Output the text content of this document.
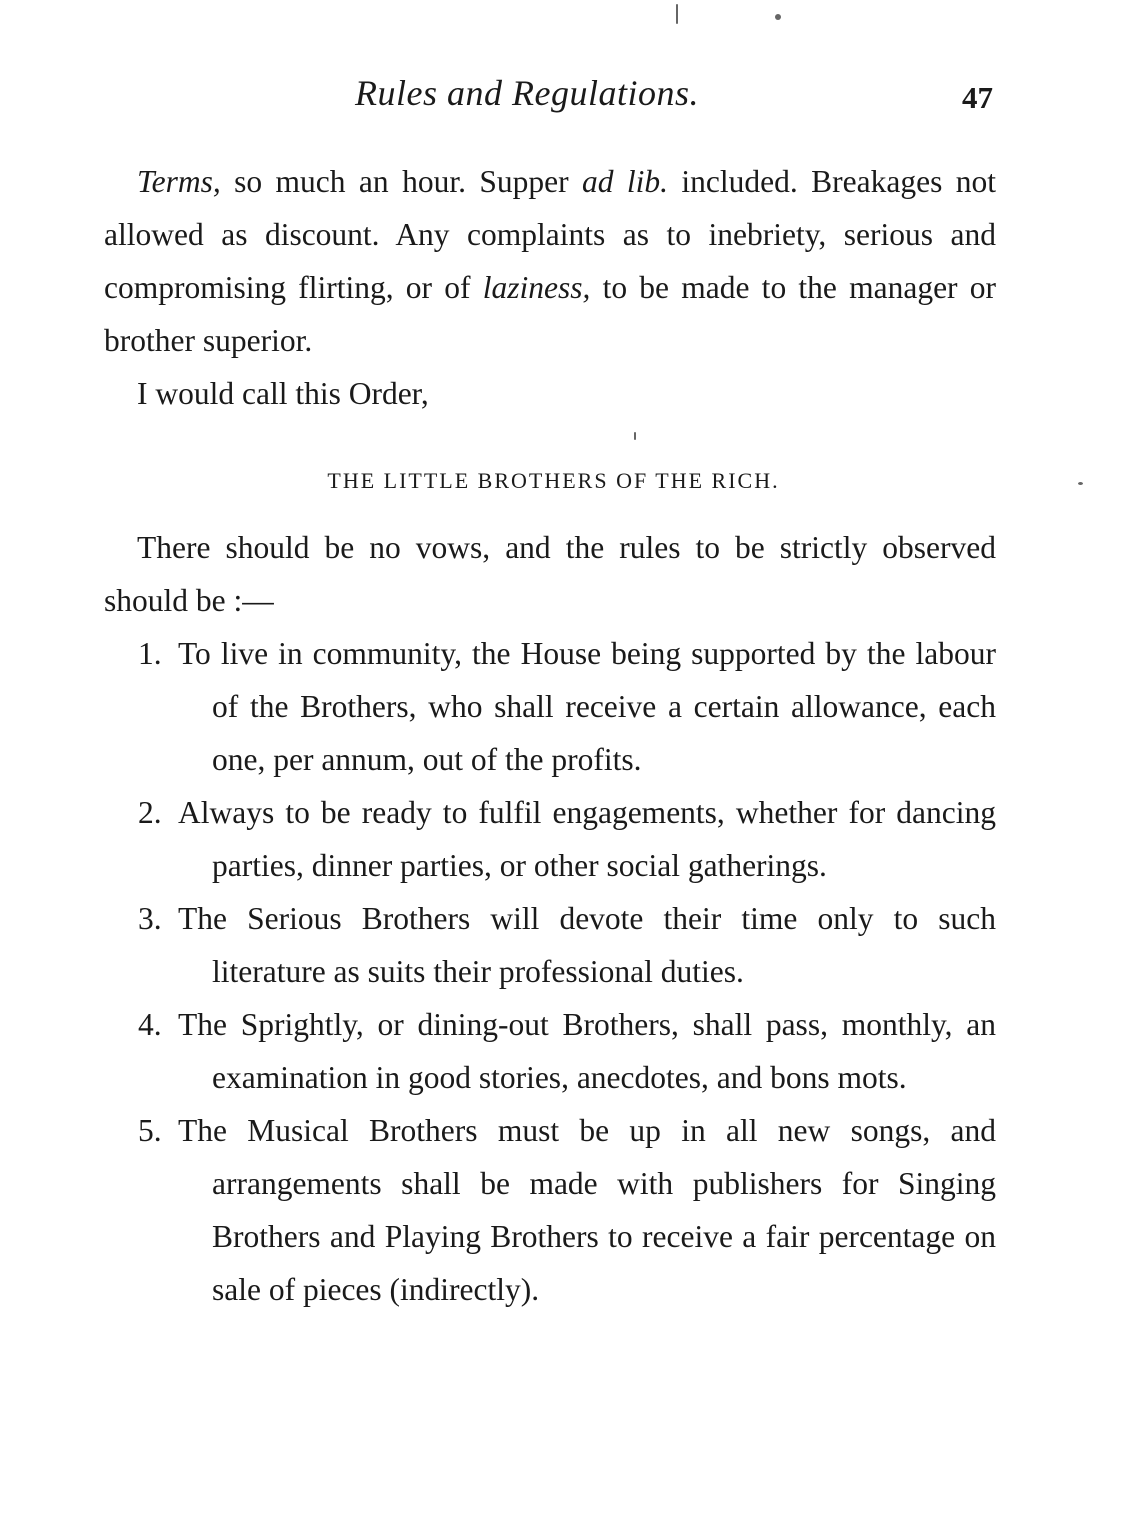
Rules and Regulations.	47

Terms, so much an hour. Supper ad lib. included. Breakages not allowed as discount. Any complaints as to inebriety, serious and compromising flirting, or of laziness, to be made to the manager or brother superior.

I would call this Order,

THE LITTLE BROTHERS OF THE RICH.

There should be no vows, and the rules to be strictly observed should be :—

1. To live in community, the House being supported by the labour of the Brothers, who shall receive a certain allowance, each one, per annum, out of the profits.
2. Always to be ready to fulfil engagements, whether for dancing parties, dinner parties, or other social gatherings.
3. The Serious Brothers will devote their time only to such literature as suits their professional duties.
4. The Sprightly, or dining-out Brothers, shall pass, monthly, an examination in good stories, anecdotes, and bons mots.
5. The Musical Brothers must be up in all new songs, and arrangements shall be made with publishers for Singing Brothers and Playing Brothers to receive a fair percentage on sale of pieces (indirectly).
